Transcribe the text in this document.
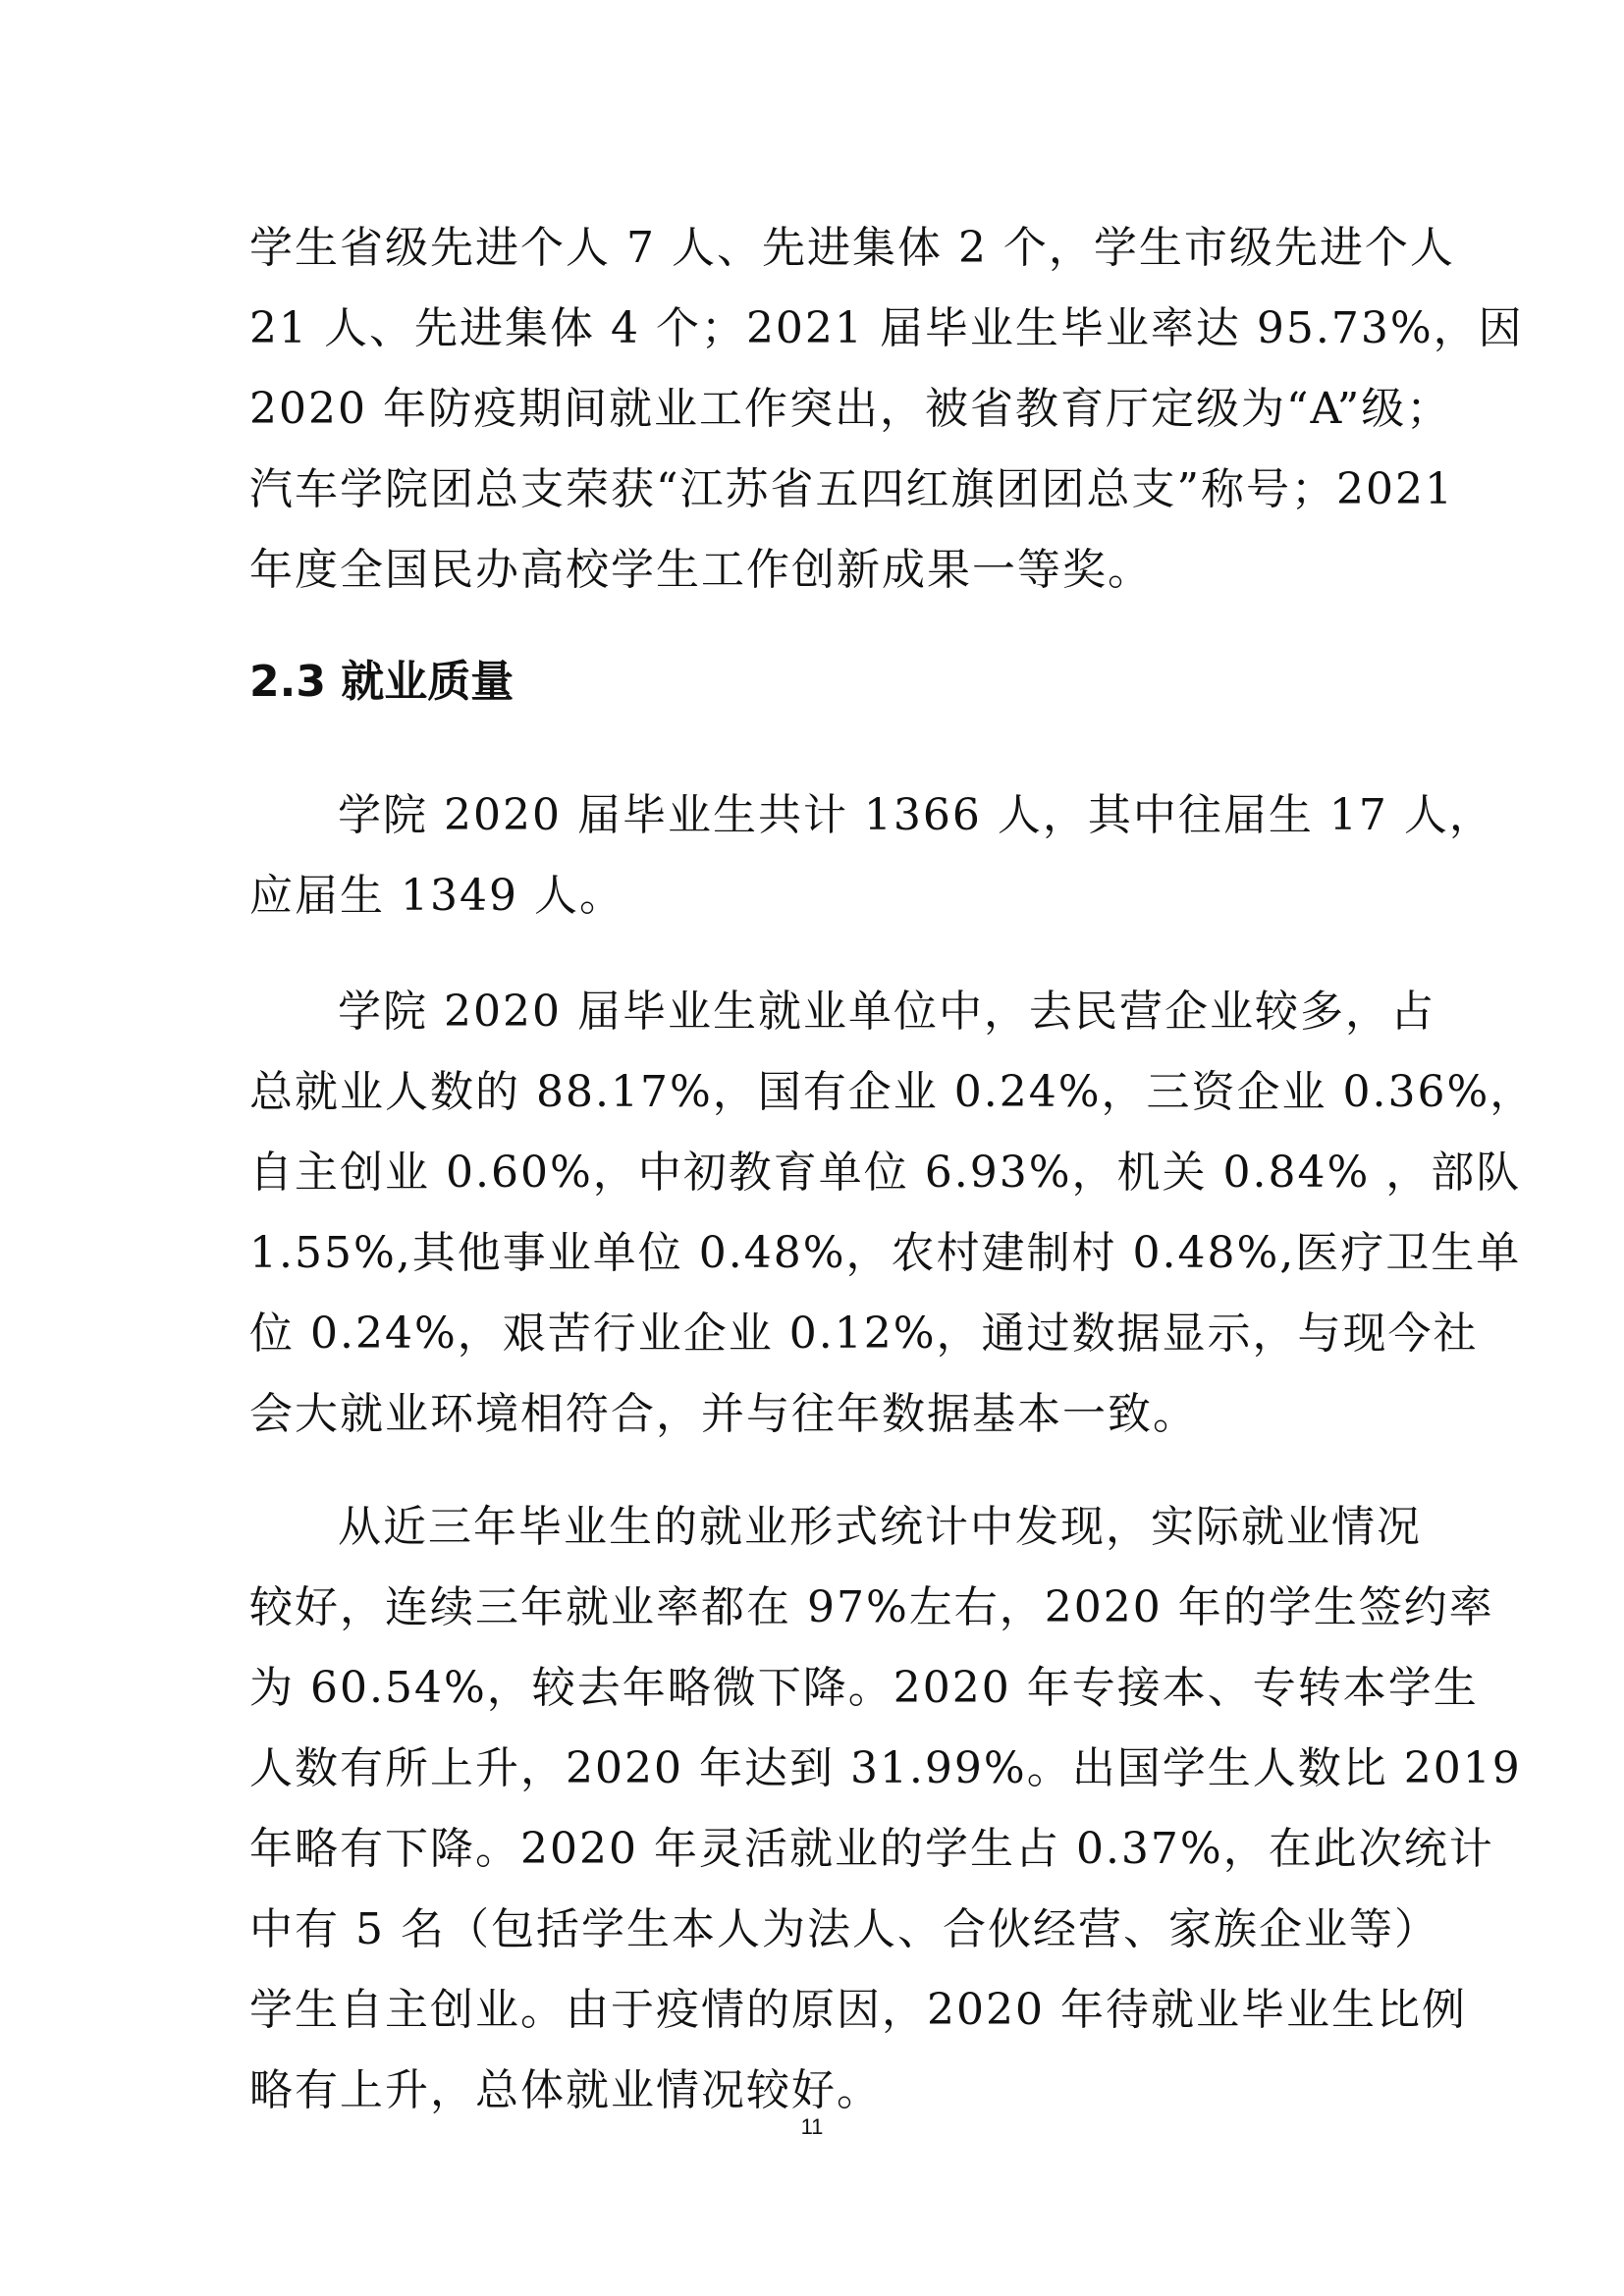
学生省级先进个人 7 人、先进集体 2 个，学生市级先进个人
21 人、先进集体 4 个；2021 届毕业生毕业率达 95.73%，因
2020 年防疫期间就业工作突出，被省教育厅定级为“A”级；
汽车学院团总支荣获“江苏省五四红旗团团总支”称号；2021
年度全国民办高校学生工作创新成果一等奖。
2.3 就业质量
学院 2020 届毕业生共计 1366 人，其中往届生 17 人，
应届生 1349 人。
学院 2020 届毕业生就业单位中，去民营企业较多，占
总就业人数的 88.17%，国有企业 0.24%，三资企业 0.36%，
自主创业 0.60%，中初教育单位 6.93%，机关 0.84% ，部队
1.55%,其他事业单位 0.48%，农村建制村 0.48%,医疗卫生单
位 0.24%，艰苦行业企业 0.12%，通过数据显示，与现今社
会大就业环境相符合，并与往年数据基本一致。
从近三年毕业生的就业形式统计中发现，实际就业情况
较好，连续三年就业率都在 97%左右，2020 年的学生签约率
为 60.54%，较去年略微下降。2020 年专接本、专转本学生
人数有所上升，2020 年达到 31.99%。出国学生人数比 2019
年略有下降。2020 年灵活就业的学生占 0.37%，在此次统计
中有 5 名（包括学生本人为法人、合伙经营、家族企业等）
学生自主创业。由于疫情的原因，2020 年待就业毕业生比例
略有上升，总体就业情况较好。
11
